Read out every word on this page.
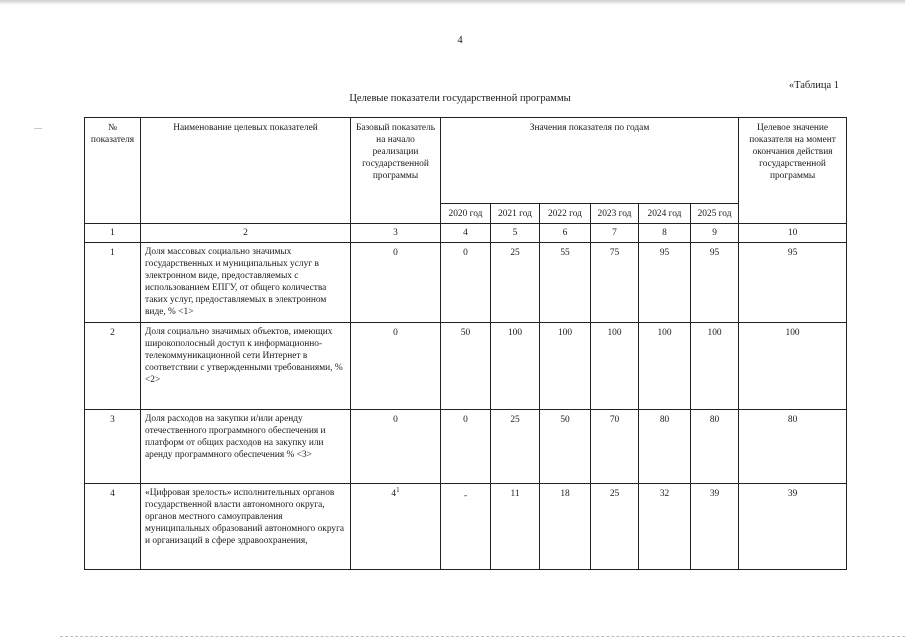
4
«Таблица 1
Целевые показатели государственной программы
№ показателя	Наименование целевых показателей	Базовый показатель на начало реализации государственной программы	Значения показателя по годам						Целевое значение показателя на момент окончания действия государственной программы
			2020 год	2021 год	2022 год	2023 год	2024 год	2025 год	
1	2	3	4	5	6	7	8	9	10
1	Доля массовых социально значимых государственных и муниципальных услуг в электронном виде, предоставляемых с использованием ЕПГУ, от общего количества таких услуг, предоставляемых в электронном виде, % <1>	0	0	25	55	75	95	95	95
2	Доля социально значимых объектов, имеющих широкополосный доступ к информационно-телекоммуникационной сети Интернет в соответствии с утвержденными требованиями, % <2>	0	50	100	100	100	100	100	100
3	Доля расходов на закупки и/или аренду отечественного программного обеспечения и платформ от общих расходов на закупку или аренду программного обеспечения % <3>	0	0	25	50	70	80	80	80
4	«Цифровая зрелость» исполнительных органов государственной власти автономного округа, органов местного самоуправления муниципальных образований автономного округа и организаций в сфере здравоохранения,	$4^1$	-	11	18	25	32	39	39
